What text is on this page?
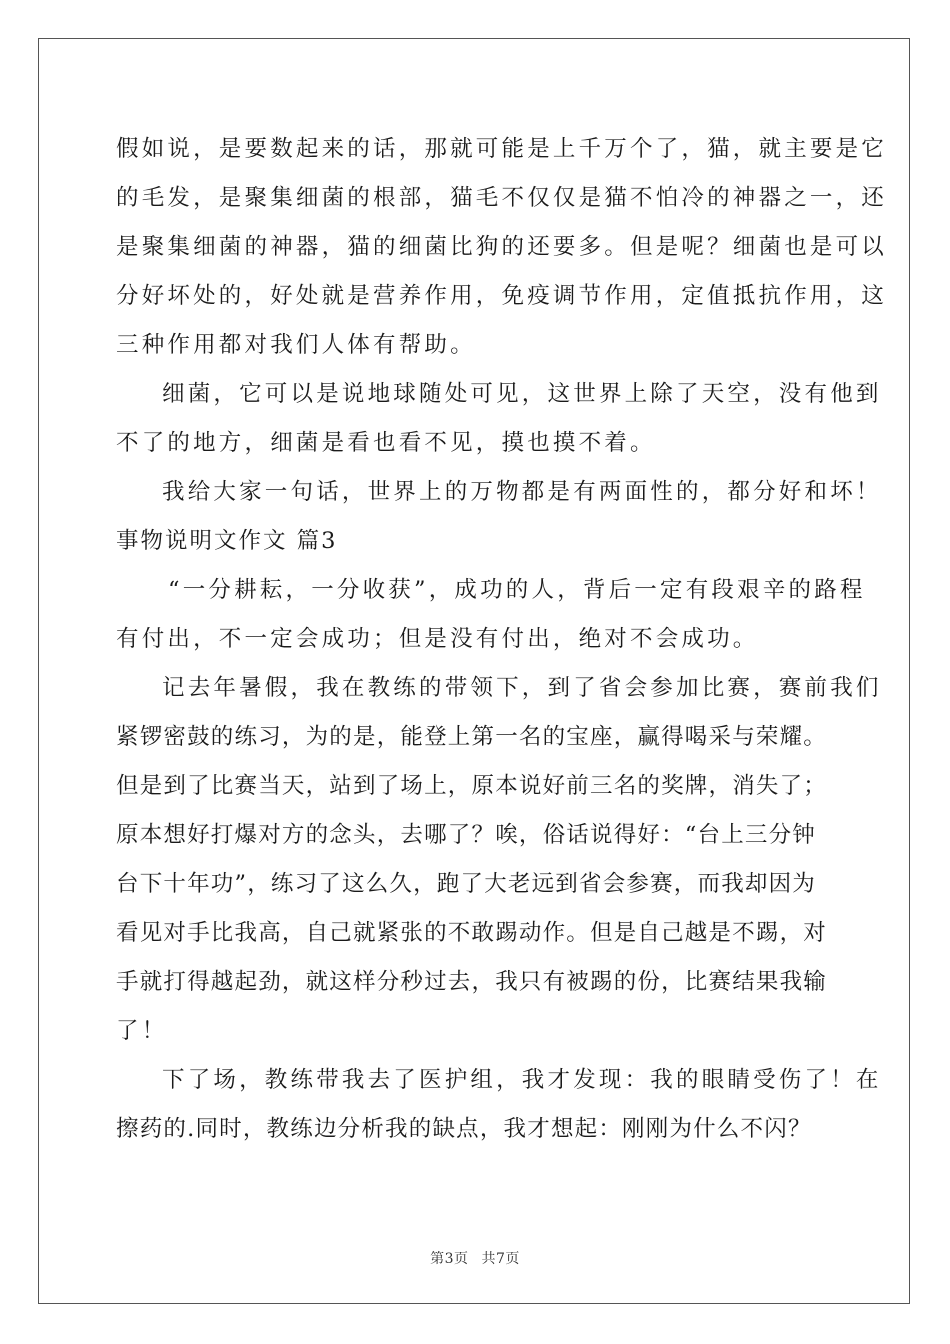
假如说，是要数起来的话，那就可能是上千万个了，猫，就主要是它
的毛发，是聚集细菌的根部，猫毛不仅仅是猫不怕冷的神器之一，还
是聚集细菌的神器，猫的细菌比狗的还要多。但是呢？细菌也是可以
分好坏处的，好处就是营养作用，免疫调节作用，定值抵抗作用，这
三种作用都对我们人体有帮助。
细菌，它可以是说地球随处可见，这世界上除了天空，没有他到
不了的地方，细菌是看也看不见，摸也摸不着。
我给大家一句话，世界上的万物都是有两面性的，都分好和坏！
事物说明文作文 篇3
“一分耕耘，一分收获”，成功的人，背后一定有段艰辛的路程
有付出，不一定会成功；但是没有付出，绝对不会成功。
记去年暑假，我在教练的带领下，到了省会参加比赛，赛前我们
紧锣密鼓的练习，为的是，能登上第一名的宝座，赢得喝采与荣耀。
但是到了比赛当天，站到了场上，原本说好前三名的奖牌，消失了；
原本想好打爆对方的念头，去哪了？唉，俗话说得好：“台上三分钟
台下十年功”，练习了这么久，跑了大老远到省会参赛，而我却因为
看见对手比我高，自己就紧张的不敢踢动作。但是自己越是不踢，对
手就打得越起劲，就这样分秒过去，我只有被踢的份，比赛结果我输
了！
下了场，教练带我去了医护组，我才发现：我的眼睛受伤了！在
擦药的.同时，教练边分析我的缺点，我才想起：刚刚为什么不闪？
第3页 共7页
